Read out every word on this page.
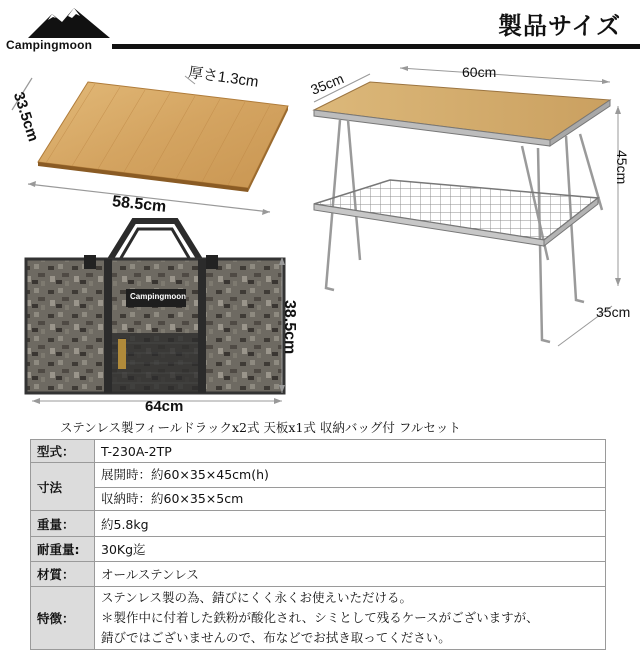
Campingmoon
製品サイズ
33.5cm
厚さ1.3cm
58.5cm
60cm
35cm
45cm
35cm
Campingmoon
38.5cm
64cm
ステンレス製フィールドラックx2式 天板x1式 収納バッグ付 フルセット
型式：	T-230A-2TP
寸法	展開時：約60×35×45cm(h)
収納時：約60×35×5cm

重量：	約5.8kg
耐重量:	30Kg迄
材質：	オールステンレス
特徴：	ステンレス製の為、錆びにくく永くお使えいただける。
＊製作中に付着した鉄粉が酸化され、シミとして残るケースがございますが、
錆びではございませんので、布などでお拭き取ってください。
